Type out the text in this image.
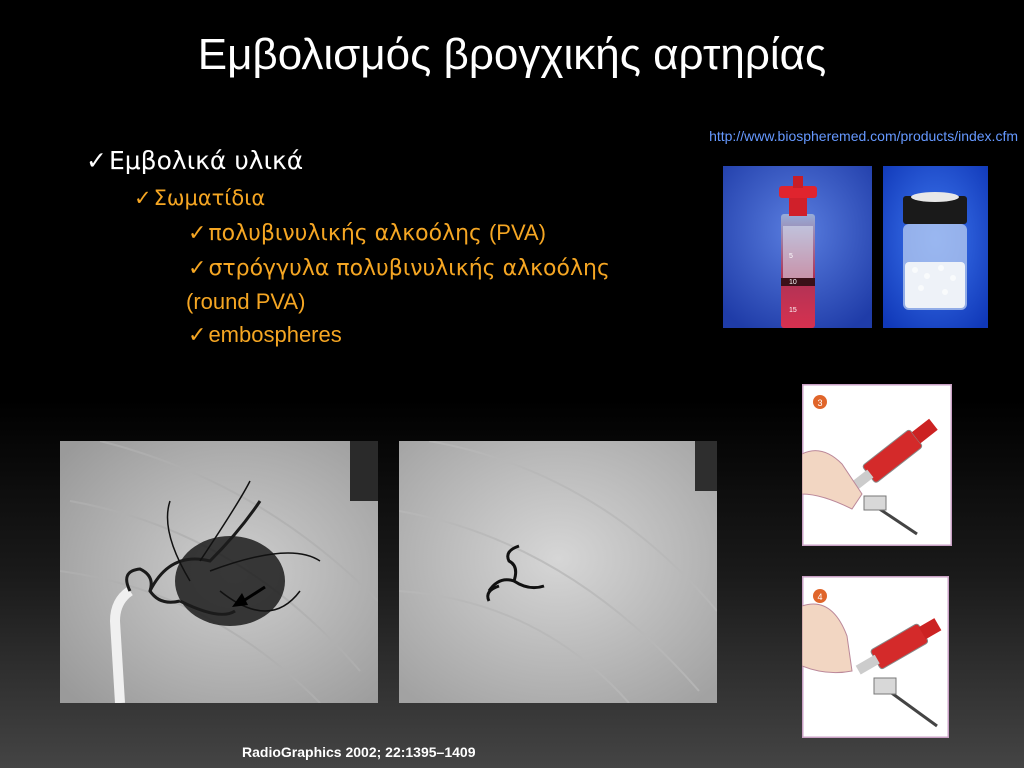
Εμβολισμός βρογχικής αρτηρίας
http://www.biospheremed.com/products/index.cfm
✓Εμβολικά υλικά
✓Σωματίδια
✓πολυβινυλικής αλκοόλης (PVA)
✓στρόγγυλα πολυβινυλικής αλκοόλης
(round PVA)
✓embospheres
5
10
15
3
4
RadioGraphics 2002; 22:1395–1409
